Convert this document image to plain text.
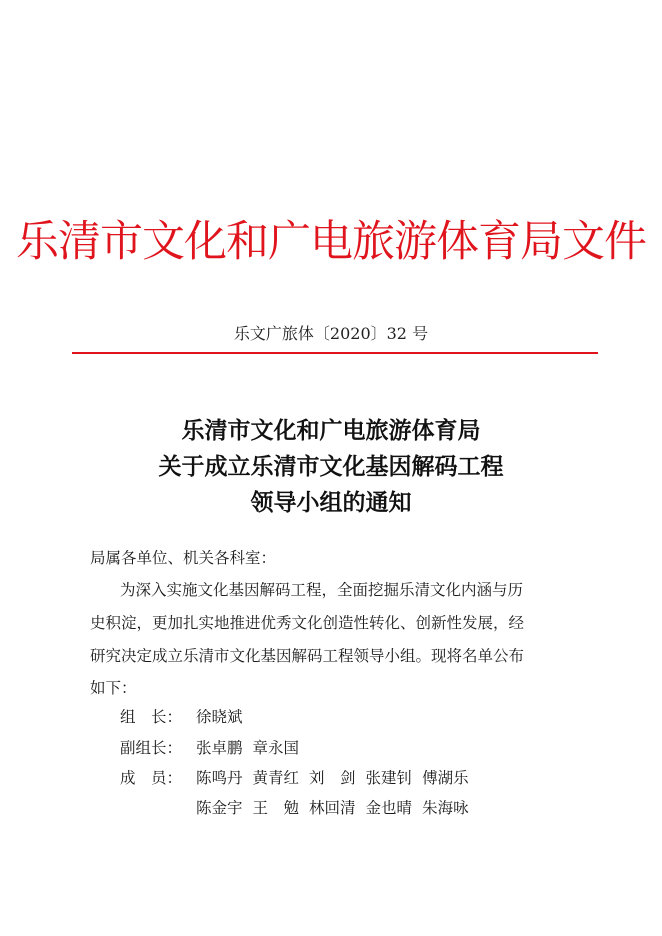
乐清市文化和广电旅游体育局文件
乐文广旅体〔2020〕32 号
乐清市文化和广电旅游体育局
关于成立乐清市文化基因解码工程
领导小组的通知
局属各单位、机关各科室：
为深入实施文化基因解码工程，全面挖掘乐清文化内涵与历
史积淀，更加扎实地推进优秀文化创造性转化、创新性发展，经
研究决定成立乐清市文化基因解码工程领导小组。现将名单公布
如下：
组　长： 徐晓斌
副组长： 张卓鹏 章永国
成　员： 陈鸣丹 黄青红 刘　剑 张建钊 傅湖乐
陈金宇 王　勉 林回清 金也晴 朱海咏
